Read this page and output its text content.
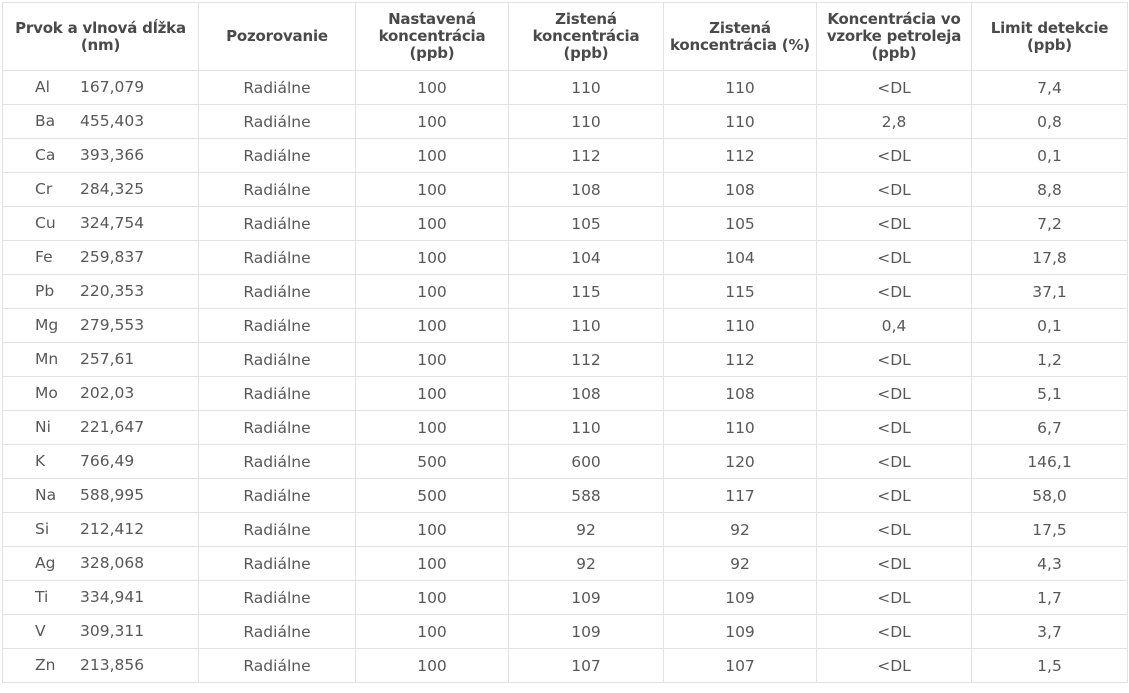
Prvok a vlnová dĺžka (nm)	Pozorovanie	Nastavená koncentrácia (ppb)	Zistená koncentrácia (ppb)	Zistená koncentrácia (%)	Koncentrácia vo vzorke petroleja (ppb)	Limit detekcie (ppb)

Al 167,079	Radiálne	100	110	110	<DL	7,4

Ba 455,403	Radiálne	100	110	110	2,8	0,8

Ca 393,366	Radiálne	100	112	112	<DL	0,1

Cr 284,325	Radiálne	100	108	108	<DL	8,8

Cu 324,754	Radiálne	100	105	105	<DL	7,2

Fe 259,837	Radiálne	100	104	104	<DL	17,8

Pb 220,353	Radiálne	100	115	115	<DL	37,1

Mg 279,553	Radiálne	100	110	110	0,4	0,1

Mn 257,61	Radiálne	100	112	112	<DL	1,2

Mo 202,03	Radiálne	100	108	108	<DL	5,1

Ni 221,647	Radiálne	100	110	110	<DL	6,7

K 766,49	Radiálne	500	600	120	<DL	146,1

Na 588,995	Radiálne	500	588	117	<DL	58,0

Si 212,412	Radiálne	100	92	92	<DL	17,5

Ag 328,068	Radiálne	100	92	92	<DL	4,3

Ti 334,941	Radiálne	100	109	109	<DL	1,7

V 309,311	Radiálne	100	109	109	<DL	3,7

Zn 213,856	Radiálne	100	107	107	<DL	1,5
